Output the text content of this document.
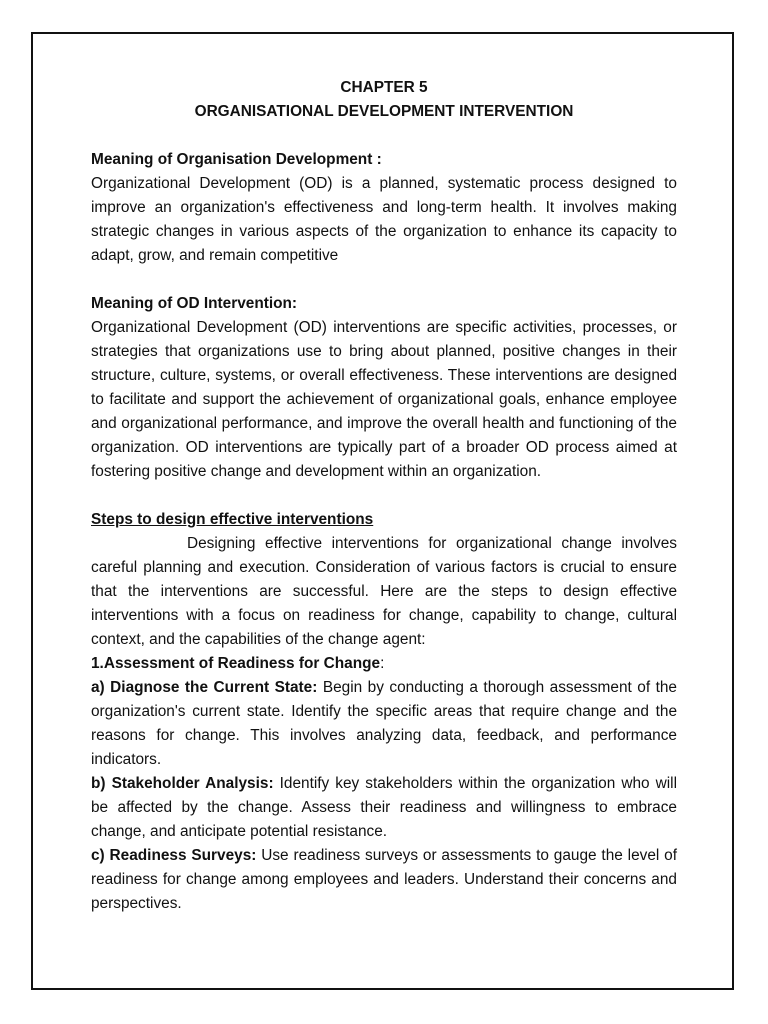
CHAPTER 5
ORGANISATIONAL DEVELOPMENT INTERVENTION
Meaning of Organisation Development :

Organizational Development (OD) is a planned, systematic process designed to improve an organization's effectiveness and long-term health. It involves making strategic changes in various aspects of the organization to enhance its capacity to adapt, grow, and remain competitive

Meaning of OD Intervention:

Organizational Development (OD) interventions are specific activities, processes, or strategies that organizations use to bring about planned, positive changes in their structure, culture, systems, or overall effectiveness. These interventions are designed to facilitate and support the achievement of organizational goals, enhance employee and organizational performance, and improve the overall health and functioning of the organization. OD interventions are typically part of a broader OD process aimed at fostering positive change and development within an organization.

Steps to design effective interventions

Designing effective interventions for organizational change involves careful planning and execution. Consideration of various factors is crucial to ensure that the interventions are successful. Here are the steps to design effective interventions with a focus on readiness for change, capability to change, cultural context, and the capabilities of the change agent:

1.Assessment of Readiness for Change:

a) Diagnose the Current State: Begin by conducting a thorough assessment of the organization's current state. Identify the specific areas that require change and the reasons for change. This involves analyzing data, feedback, and performance indicators.

b) Stakeholder Analysis: Identify key stakeholders within the organization who will be affected by the change. Assess their readiness and willingness to embrace change, and anticipate potential resistance.

c) Readiness Surveys: Use readiness surveys or assessments to gauge the level of readiness for change among employees and leaders. Understand their concerns and perspectives.
